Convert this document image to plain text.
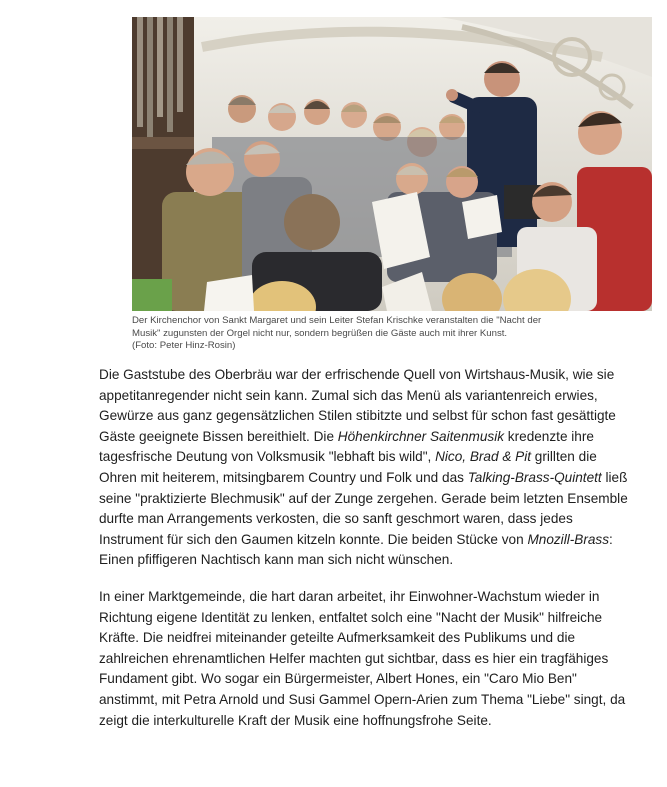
Der Kirchenchor von Sankt Margaret und sein Leiter Stefan Krischke veranstalten die "Nacht der

Musik" zugunsten der Orgel nicht nur, sondern begrüßen die Gäste auch mit ihrer Kunst.

(Foto: Peter Hinz-Rosin)

Die Gaststube des Oberbräu war der erfrischende Quell von Wirtshaus-Musik, wie sie appetitanregender nicht sein kann. Zumal sich das Menü als variantenreich erwies, Gewürze aus ganz gegensätzlichen Stilen stibitzte und selbst für schon fast gesättigte Gäste geeignete Bissen bereithielt. Die Höhenkirchner Saitenmusik kredenzte ihre tagesfrische Deutung von Volksmusik "lebhaft bis wild", Nico, Brad & Pit grillten die Ohren mit heiterem, mitsingbarem Country und Folk und das Talking-Brass-Quintett ließ seine "praktizierte Blechmusik" auf der Zunge zergehen. Gerade beim letzten Ensemble durfte man Arrangements verkosten, die so sanft geschmort waren, dass jedes Instrument für sich den Gaumen kitzeln konnte. Die beiden Stücke von Mnozill-Brass: Einen pfiffigeren Nachtisch kann man sich nicht wünschen.

In einer Marktgemeinde, die hart daran arbeitet, ihr Einwohner-Wachstum wieder in Richtung eigene Identität zu lenken, entfaltet solch eine "Nacht der Musik" hilfreiche Kräfte. Die neidfrei miteinander geteilte Aufmerksamkeit des Publikums und die zahlreichen ehrenamtlichen Helfer machten gut sichtbar, dass es hier ein tragfähiges Fundament gibt. Wo sogar ein Bürgermeister, Albert Hones, ein "Caro Mio Ben" anstimmt, mit Petra Arnold und Susi Gammel Opern-Arien zum Thema "Liebe" singt, da zeigt die interkulturelle Kraft der Musik eine hoffnungsfrohe Seite.
